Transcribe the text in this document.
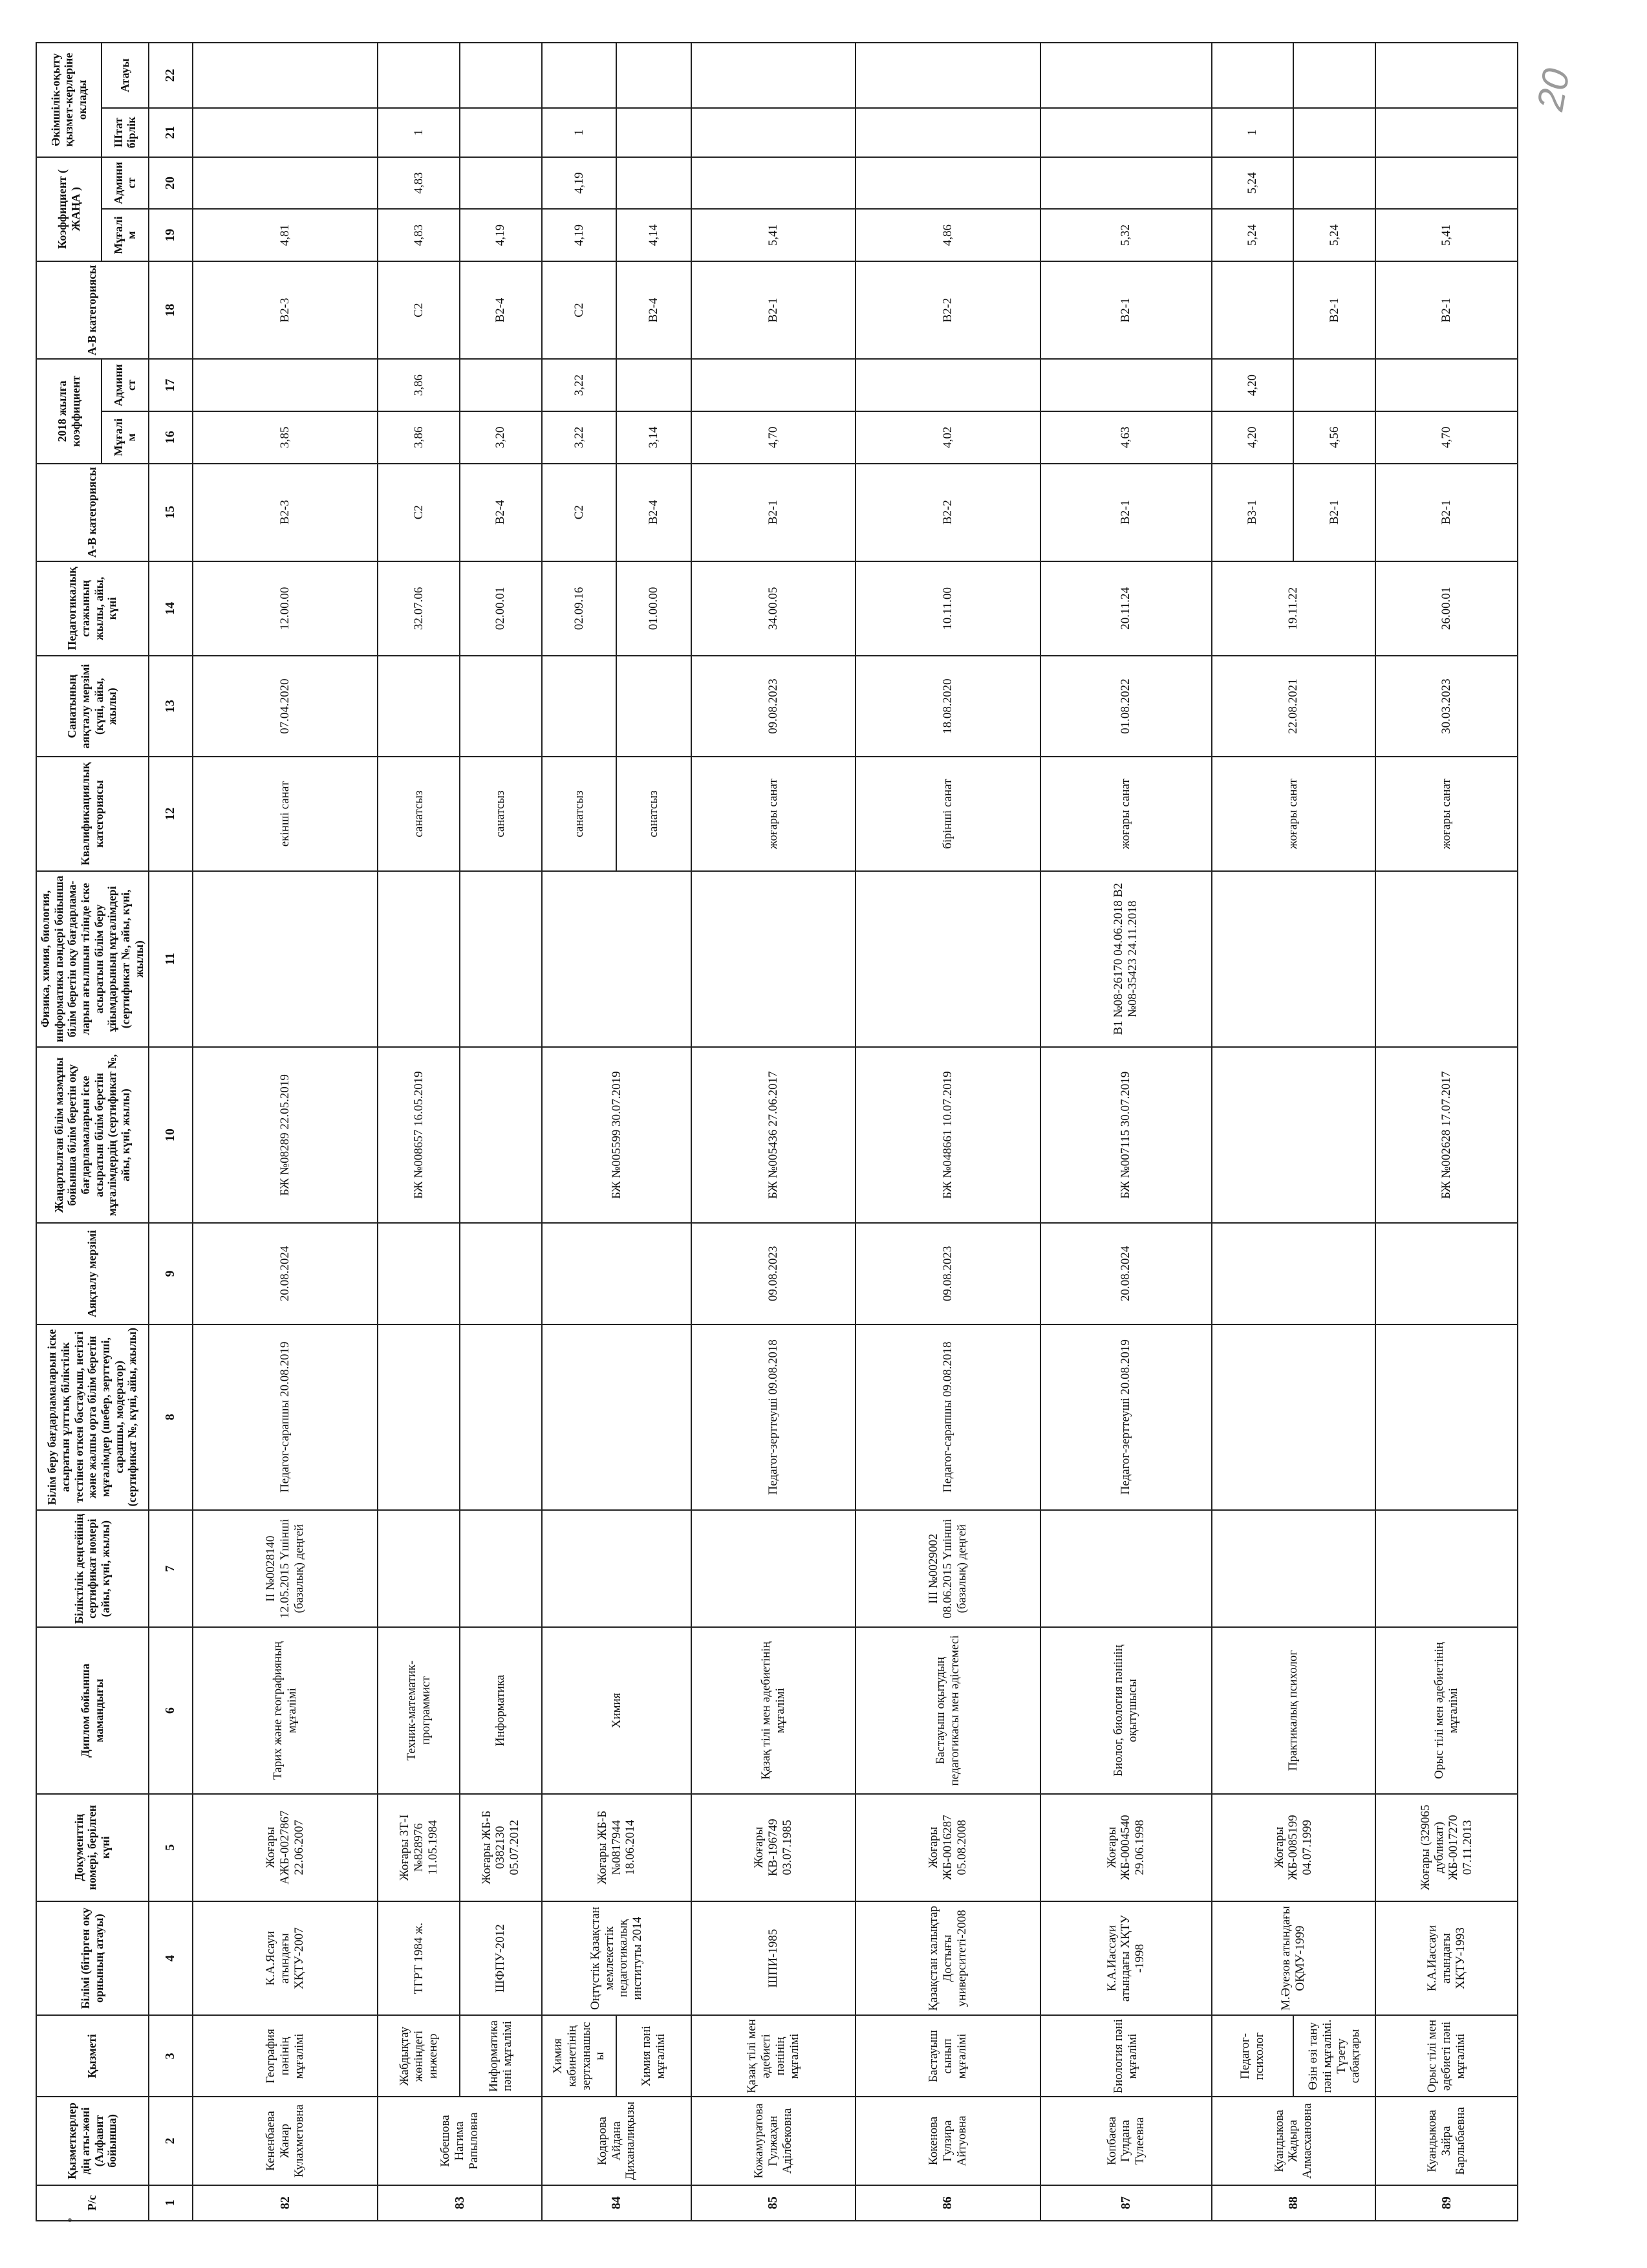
20
Р/с	Қызметкерлердің аты-жөні (Алфавит бойынша)	Қызметі	Білімі (бітірген оқу орнының атауы)	Документтің номері, берілген күні	Диплом бойынша мамандығы	Біліктілік деңгейінің сертификат номері (айы, күні, жылы)	Білім беру бағдарламаларын іске асыратын ұлттық біліктілік тестінен өткен бастауыш, негізгі және жалпы орта білім беретін мұғалімдер (шебер, зерттеуші, сарапшы, модератор) (сертификат №, күні, айы, жылы)	Аяқталу мерзімі	Жаңартылған білім мазмұны бойынша білім беретін оқу бағдарламаларын іске асыратын білім беретін мұғалімдердің (сертификат №, айы, күні, жылы)	Физика, химия, биология, информатика пәндері бойынша білім беретін оқу бағдарлама-ларын ағылшын тілінде іске асыратын білім беру ұйымдарының мұғалімдері (сертификат №, айы, күні, жылы)	Квалификациялық категориясы	Санатының аяқталу мерзімі (күні, айы, жылы)	Педагогикалық стажының жылы, айы, күні	А-В категориясы	2018 жылға коэффициент		А-В категориясы	Коэффициент ( ЖАҢА )		Әкімшілік-оқыту қызмет-керлеріне оклады	
															Мұғалім	Админист		Мұғалім	Админист	Штат бірлік	Атауы
1	2	3	4	5	6	7	8	9	10	11	12	13	14	15	16	17	18	19	20	21	22
82	Кененбаева Жанар Кулахметовна	География пәнінің мұғалімі	К.А.Ясауи атындағы ХҚТУ-2007	Жоғары АЖБ-0027867 22.06.2007	Тарих және географияның мұғалімі	ІІ №0028140 12.05.2015 Үшінші (базалық) деңгей	Педагог-сарапшы 20.08.2019	20.08.2024	БЖ №08289 22.05.2019		екінші санат	07.04.2020	12.00.00	В2-3	3,85		В2-3	4,81			
83	Кобешова Нагима Рапыловна	Жабдықтау жөніндегі инженер	ТГРТ 1984 ж.	Жоғары ЗТ-І №828976 11.05.1984	Техник-математик-программист				БЖ №008657 16.05.2019		санатсыз		32.07.06	С2	3,86	3,86	С2	4,83	4,83	1	
		Информатика пәні мұғалімі	ШФПУ-2012	Жоғары ЖБ-Б 0382130 05.07.2012	Информатика						санатсыз		02.00.01	В2-4	3,20		В2-4	4,19			
84	Кодарова Айдана Диханалиқызы	Химия кабинетінің зертханашысы	Оңтүстік Қазақстан мемлекеттік педагогикалық институты 2014	Жоғары ЖБ-Б №0817944 18.06.2014	Химия				БЖ №005599 30.07.2019		санатсыз		02.09.16	С2	3,22	3,22	С2	4,19	4,19	1	
		Химия пәні мұғалімі									санатсыз		01.00.00	В2-4	3,14		В2-4	4,14			
85	Кожамуратова Гулжаҳан Аділбековна	Қазақ тілі мен әдебиеті пәнінің мұғалімі	ШПИ-1985	Жоғары КВ-196749 03.07.1985	Қазақ тілі мен әдебиетінің мұғалімі		Педагог-зерттеуші 09.08.2018	09.08.2023	БЖ №005436 27.06.2017		жоғары санат	09.08.2023	34.00.05	В2-1	4,70		В2-1	5,41			
86	Кокенова Гулзира Айтуовна	Бастауыш сынып мұғалімі	Қазақстан халықтар Достығы университеті-2008	Жоғары ЖБ-0016287 05.08.2008	Бастауыш оқытудың педагогикасы мен әдістемесі	ІІІ №0029002 08.06.2015 Үшінші (базалық) деңгей	Педагог-сарапшы 09.08.2018	09.08.2023	БЖ №048661 10.07.2019		бірінші санат	18.08.2020	10.11.00	В2-2	4,02		В2-2	4,86			
87	Копбаева Гулдана Тулеевна	Биология пәні мұғалімі	К.А.Иассауи атындағы ХҚТУ -1998	Жоғары ЖБ-0004540 29.06.1998	Биолог, биология пәнінің оқытушысы		Педагог-зерттеуші 20.08.2019	20.08.2024	БЖ №007115 30.07.2019	В1 №08-26170 04.06.2018 В2 №08-35423 24.11.2018	жоғары санат	01.08.2022	20.11.24	В2-1	4,63		В2-1	5,32			
88	Куандыкова Жадыра Алмасхановна	Педагог-психолог	М.Әуезов атындағы ОҚМУ-1999	Жоғары ЖБ-0085199 04.07.1999	Практикалық психолог						жоғары санат	22.08.2021	19.11.22	В3-1	4,20	4,20		5,24	5,24	1	
		Өзін өзі тану пәні мұғалімі. Түзету сабақтары												В2-1	4,56		В2-1	5,24			
89	Куандыкова Зайра Барлыбаевна	Орыс тілі мен әдебиеті пәні мұғалімі	К.А.Иассауи атындағы ХҚТУ-1993	Жоғары (329065 дубликат) ЖБ-0017270 07.11.2013	Орыс тілі мен әдебиетінің мұғалімі				БЖ №002628 17.07.2017		жоғары санат	30.03.2023	26.00.01	В2-1	4,70		В2-1	5,41			
